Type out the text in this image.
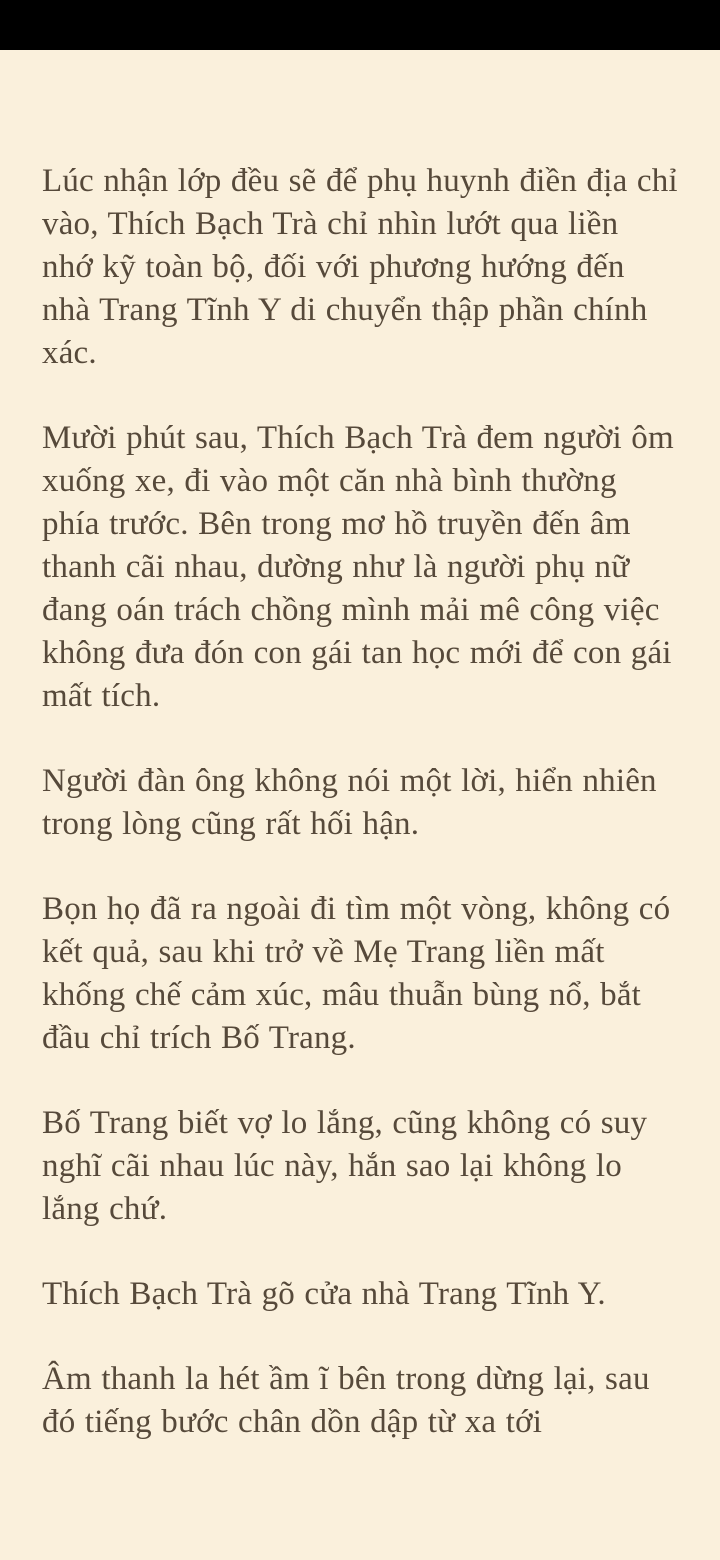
Lúc nhận lớp đều sẽ để phụ huynh điền địa chỉ vào, Thích Bạch Trà chỉ nhìn lướt qua liền nhớ kỹ toàn bộ, đối với phương hướng đến nhà Trang Tĩnh Y di chuyển thập phần chính xác.

Mười phút sau, Thích Bạch Trà đem người ôm xuống xe, đi vào một căn nhà bình thường phía trước. Bên trong mơ hồ truyền đến âm thanh cãi nhau, dường như là người phụ nữ đang oán trách chồng mình mải mê công việc không đưa đón con gái tan học mới để con gái mất tích.

Người đàn ông không nói một lời, hiển nhiên trong lòng cũng rất hối hận.

Bọn họ đã ra ngoài đi tìm một vòng, không có kết quả, sau khi trở về Mẹ Trang liền mất khống chế cảm xúc, mâu thuẫn bùng nổ, bắt đầu chỉ trích Bố Trang.

Bố Trang biết vợ lo lắng, cũng không có suy nghĩ cãi nhau lúc này, hắn sao lại không lo lắng chứ.

Thích Bạch Trà gõ cửa nhà Trang Tĩnh Y.

Âm thanh la hét ầm ĩ bên trong dừng lại, sau đó tiếng bước chân dồn dập từ xa tới
